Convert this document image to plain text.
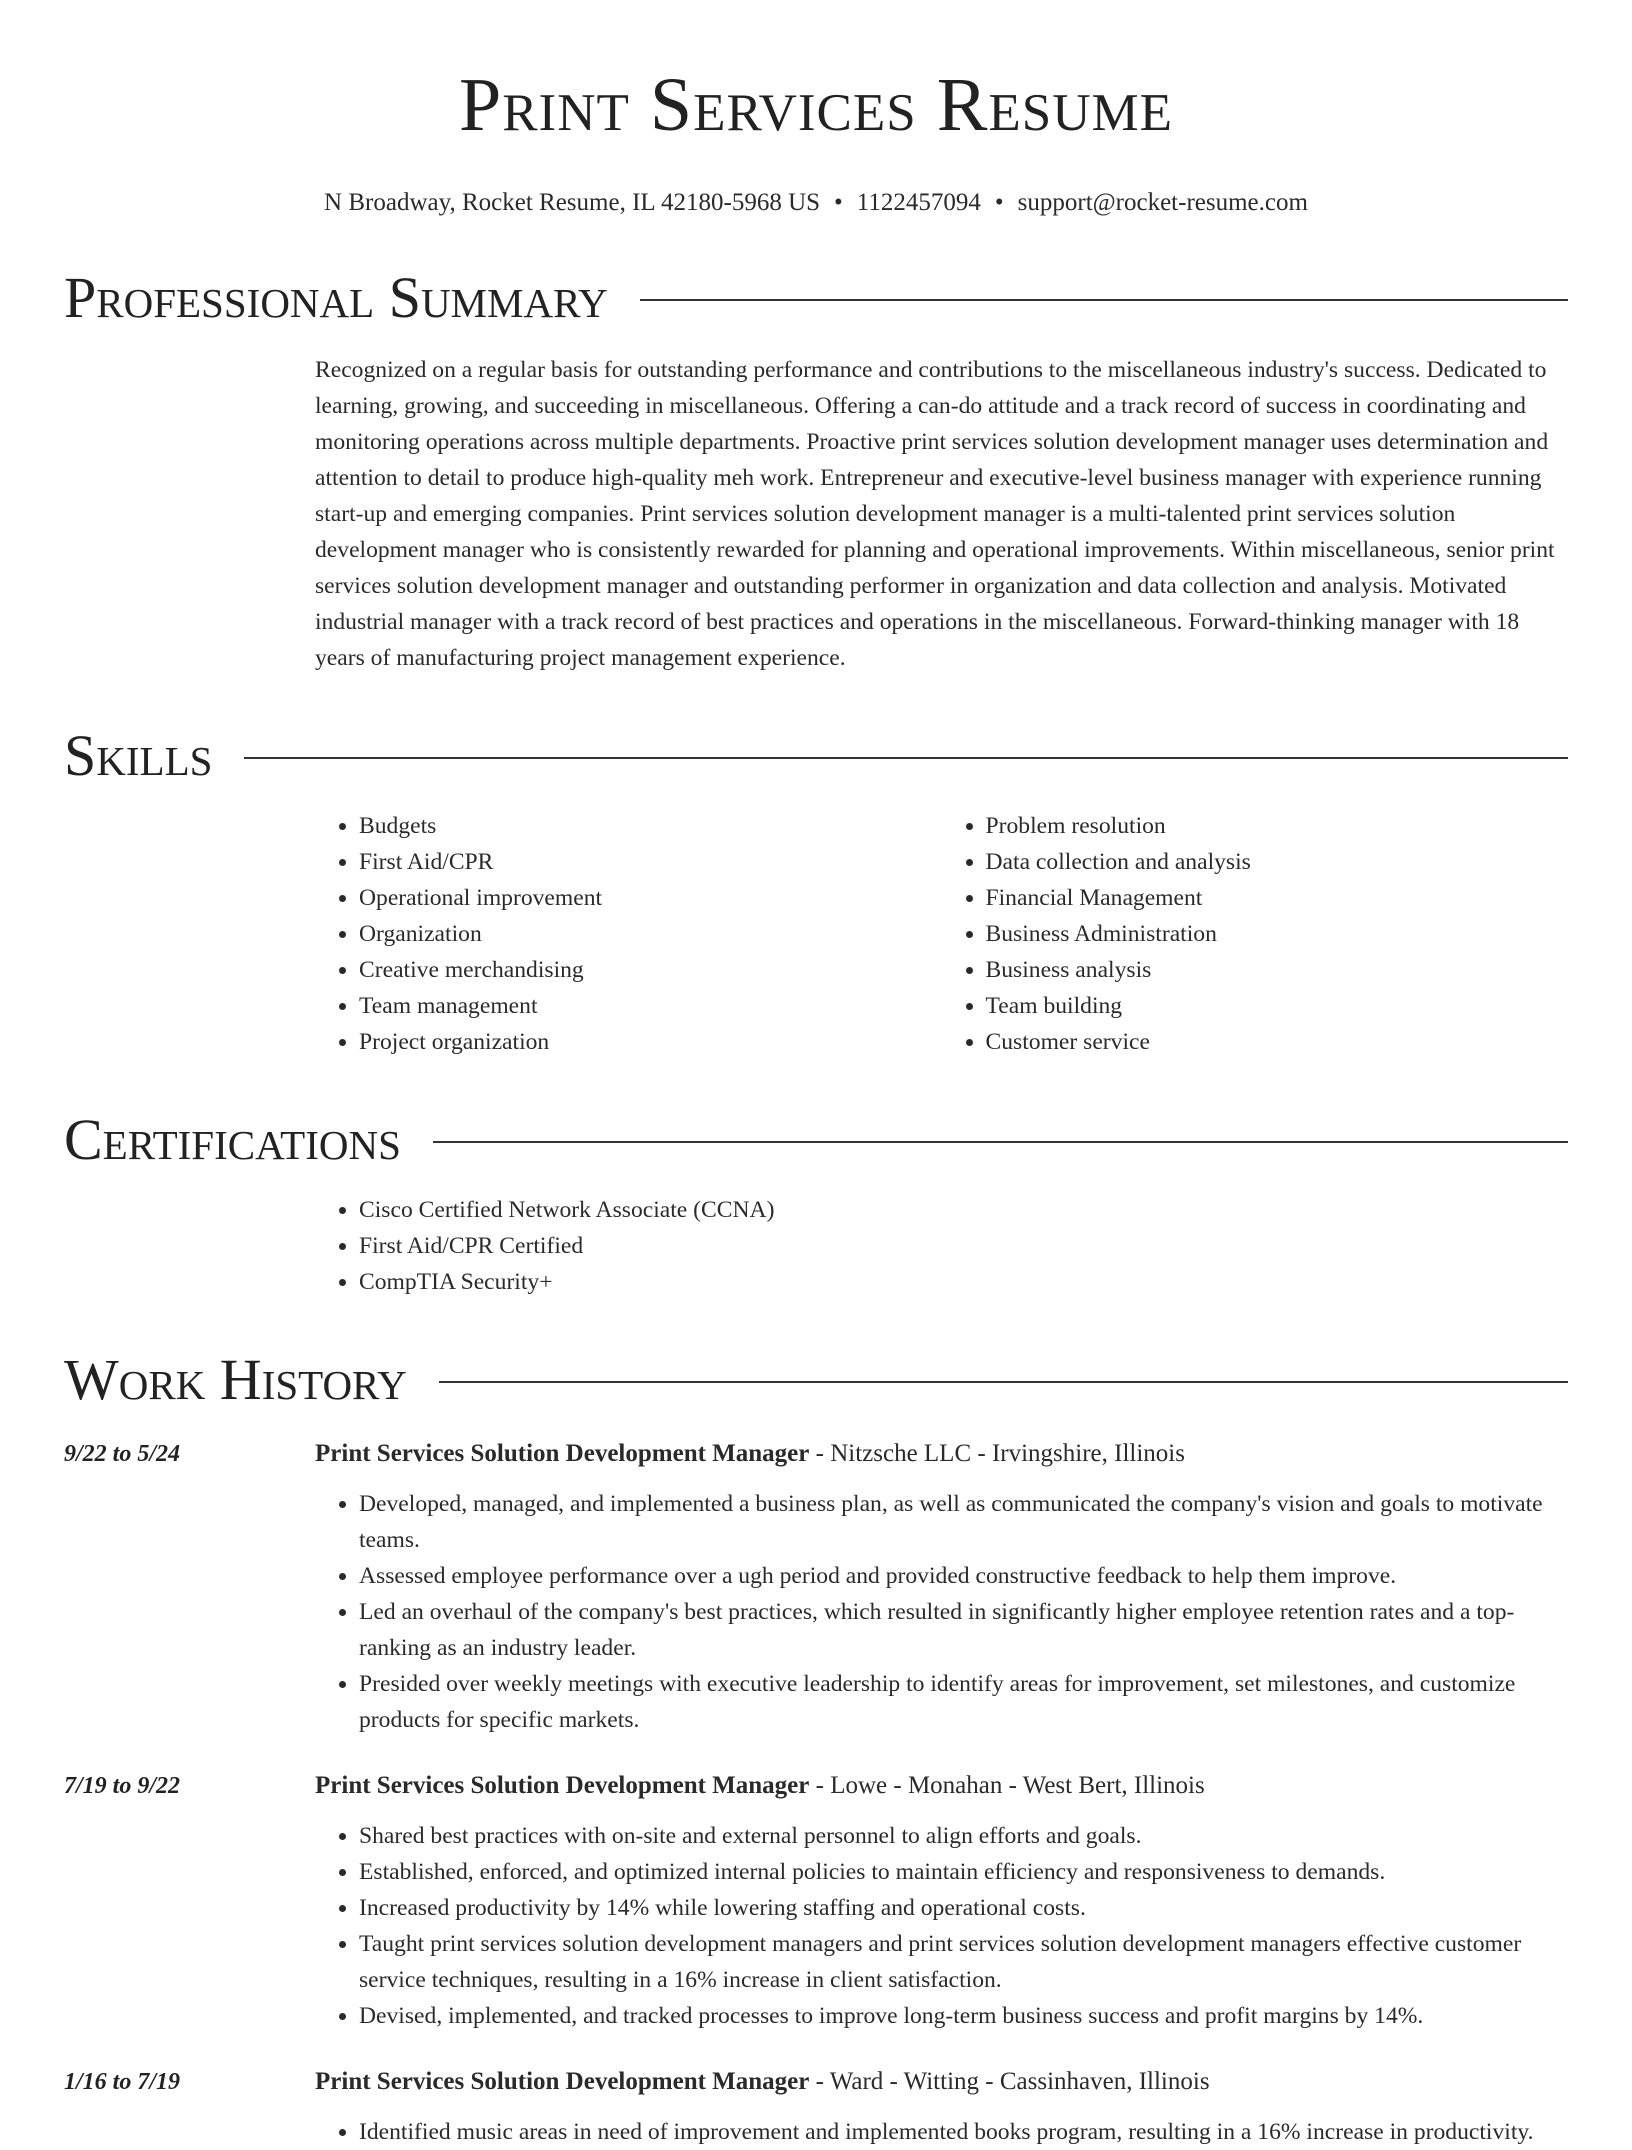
Print Services Resume
N Broadway, Rocket Resume, IL 42180-5968 US • 1122457094 • support@rocket-resume.com
Professional Summary
Recognized on a regular basis for outstanding performance and contributions to the miscellaneous industry's success. Dedicated to learning, growing, and succeeding in miscellaneous. Offering a can-do attitude and a track record of success in coordinating and monitoring operations across multiple departments. Proactive print services solution development manager uses determination and attention to detail to produce high-quality meh work. Entrepreneur and executive-level business manager with experience running start-up and emerging companies. Print services solution development manager is a multi-talented print services solution development manager who is consistently rewarded for planning and operational improvements. Within miscellaneous, senior print services solution development manager and outstanding performer in organization and data collection and analysis. Motivated industrial manager with a track record of best practices and operations in the miscellaneous. Forward-thinking manager with 18 years of manufacturing project management experience.
Skills
• Budgets
• First Aid/CPR
• Operational improvement
• Organization
• Creative merchandising
• Team management
• Project organization
• Problem resolution
• Data collection and analysis
• Financial Management
• Business Administration
• Business analysis
• Team building
• Customer service
Certifications
• Cisco Certified Network Associate (CCNA)
• First Aid/CPR Certified
• CompTIA Security+
Work History
9/22 to 5/24	Print Services Solution Development Manager - Nitzsche LLC - Irvingshire, Illinois
• Developed, managed, and implemented a business plan, as well as communicated the company's vision and goals to motivate teams.
• Assessed employee performance over a ugh period and provided constructive feedback to help them improve.
• Led an overhaul of the company's best practices, which resulted in significantly higher employee retention rates and a top-ranking as an industry leader.
• Presided over weekly meetings with executive leadership to identify areas for improvement, set milestones, and customize products for specific markets.
7/19 to 9/22	Print Services Solution Development Manager - Lowe - Monahan - West Bert, Illinois
• Shared best practices with on-site and external personnel to align efforts and goals.
• Established, enforced, and optimized internal policies to maintain efficiency and responsiveness to demands.
• Increased productivity by 14% while lowering staffing and operational costs.
• Taught print services solution development managers and print services solution development managers effective customer service techniques, resulting in a 16% increase in client satisfaction.
• Devised, implemented, and tracked processes to improve long-term business success and profit margins by 14%.
1/16 to 7/19	Print Services Solution Development Manager - Ward - Witting - Cassinhaven, Illinois
• Identified music areas in need of improvement and implemented books program, resulting in a 16% increase in productivity.
